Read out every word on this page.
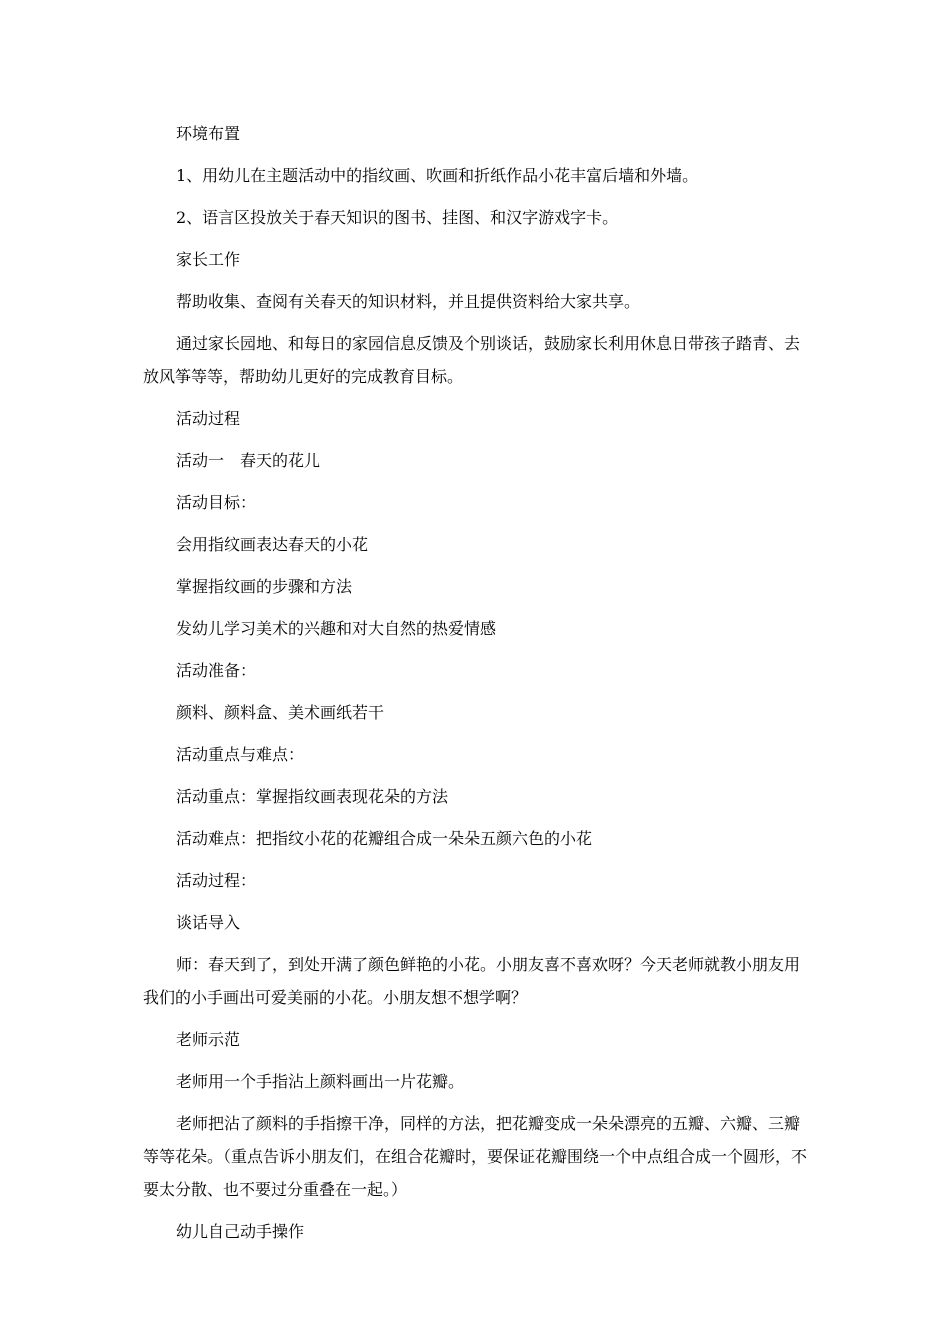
环境布置

1、用幼儿在主题活动中的指纹画、吹画和折纸作品小花丰富后墙和外墙。

2、语言区投放关于春天知识的图书、挂图、和汉字游戏字卡。

家长工作

帮助收集、查阅有关春天的知识材料，并且提供资料给大家共享。

通过家长园地、和每日的家园信息反馈及个别谈话，鼓励家长利用休息日带孩子踏青、去放风筝等等，帮助幼儿更好的完成教育目标。

活动过程

活动一　春天的花儿

活动目标：

会用指纹画表达春天的小花

掌握指纹画的步骤和方法

发幼儿学习美术的兴趣和对大自然的热爱情感

活动准备：

颜料、颜料盒、美术画纸若干

活动重点与难点：

活动重点：掌握指纹画表现花朵的方法

活动难点：把指纹小花的花瓣组合成一朵朵五颜六色的小花

活动过程：

谈话导入

师：春天到了，到处开满了颜色鲜艳的小花。小朋友喜不喜欢呀？今天老师就教小朋友用我们的小手画出可爱美丽的小花。小朋友想不想学啊？

老师示范

老师用一个手指沾上颜料画出一片花瓣。

老师把沾了颜料的手指擦干净，同样的方法，把花瓣变成一朵朵漂亮的五瓣、六瓣、三瓣等等花朵。（重点告诉小朋友们，在组合花瓣时，要保证花瓣围绕一个中点组合成一个圆形，不要太分散、也不要过分重叠在一起。）

幼儿自己动手操作
